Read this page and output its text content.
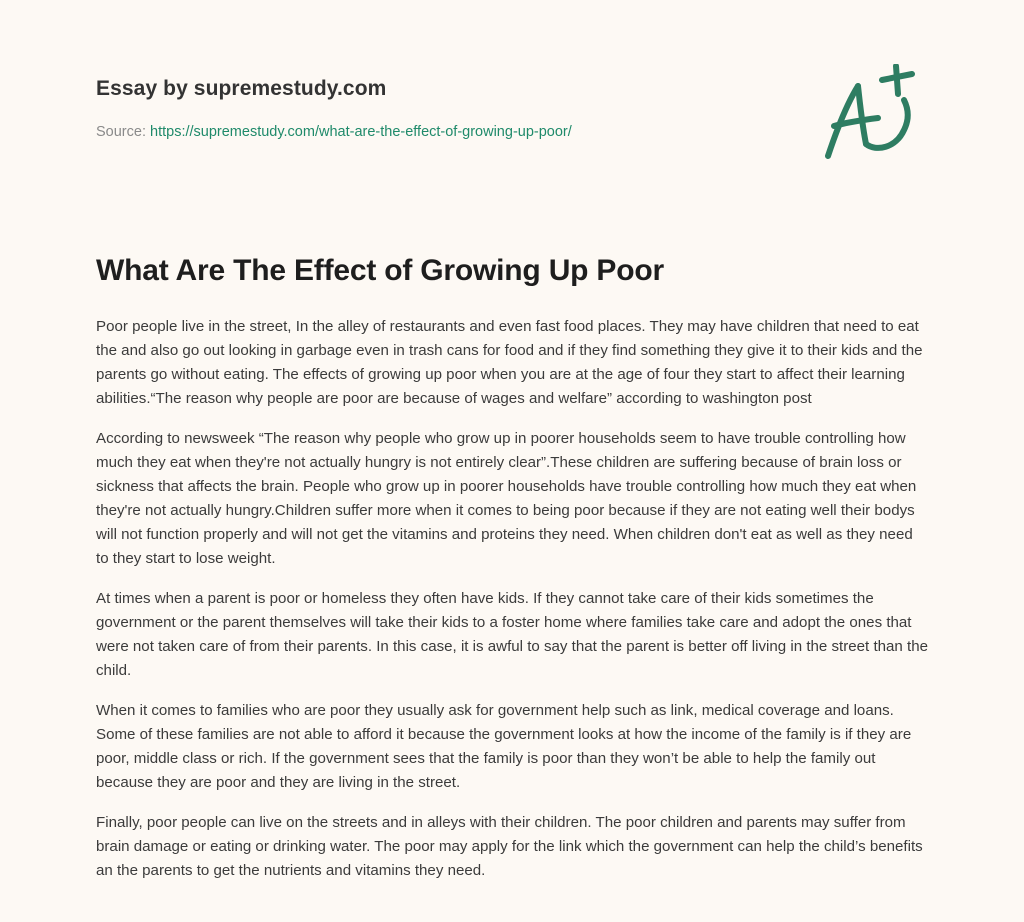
Essay by supremestudy.com
Source: https://supremestudy.com/what-are-the-effect-of-growing-up-poor/
What Are The Effect of Growing Up Poor

Poor people live in the street, In the alley of restaurants and even fast food places. They may have children that need to eat the and also go out looking in garbage even in trash cans for food and if they find something they give it to their kids and the parents go without eating. The effects of growing up poor when you are at the age of four they start to affect their learning abilities.“The reason why people are poor are because of wages and welfare” according to washington post

According to newsweek “The reason why people who grow up in poorer households seem to have trouble controlling how much they eat when they're not actually hungry is not entirely clear”.These children are suffering because of brain loss or sickness that affects the brain. People who grow up in poorer households have trouble controlling how much they eat when they're not actually hungry.Children suffer more when it comes to being poor because if they are not eating well their bodys will not function properly and will not get the vitamins and proteins they need. When children don't eat as well as they need to they start to lose weight.

At times when a parent is poor or homeless they often have kids. If they cannot take care of their kids sometimes the government or the parent themselves will take their kids to a foster home where families take care and adopt the ones that were not taken care of from their parents. In this case, it is awful to say that the parent is better off living in the street than the child.

When it comes to families who are poor they usually ask for government help such as link, medical coverage and loans. Some of these families are not able to afford it because the government looks at how the income of the family is if they are poor, middle class or rich. If the government sees that the family is poor than they won’t be able to help the family out because they are poor and they are living in the street.

Finally, poor people can live on the streets and in alleys with their children. The poor children and parents may suffer from brain damage or eating or drinking water. The poor may apply for the link which the government can help the child’s benefits an the parents to get the nutrients and vitamins they need.
